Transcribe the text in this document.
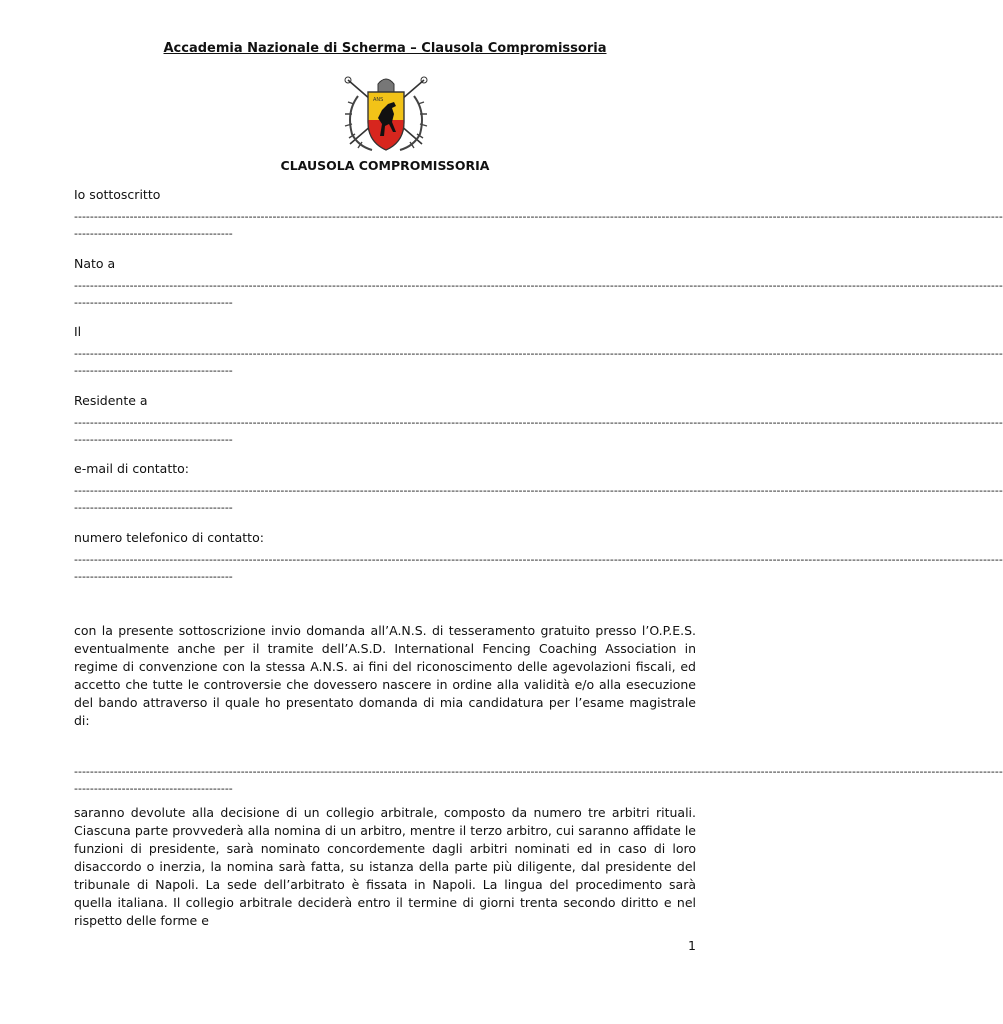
Accademia Nazionale di Scherma – Clausola Compromissoria
ANS
CLAUSOLA COMPROMISSORIA
Io sottoscritto
------------------------------------------------------------------------------------------------------------------------------------------------------------------------------------------------------------------------------------------
----------------------------------------
Nato a
------------------------------------------------------------------------------------------------------------------------------------------------------------------------------------------------------------------------------------------
----------------------------------------
Il
------------------------------------------------------------------------------------------------------------------------------------------------------------------------------------------------------------------------------------------
----------------------------------------
Residente a
------------------------------------------------------------------------------------------------------------------------------------------------------------------------------------------------------------------------------------------
----------------------------------------
e-mail di contatto:
------------------------------------------------------------------------------------------------------------------------------------------------------------------------------------------------------------------------------------------
----------------------------------------
numero telefonico di contatto:
------------------------------------------------------------------------------------------------------------------------------------------------------------------------------------------------------------------------------------------
----------------------------------------
con la presente sottoscrizione invio domanda all’A.N.S. di tesseramento gratuito presso l’O.P.E.S. eventualmente anche per il tramite dell’A.S.D. International Fencing Coaching Association in regime di convenzione con la stessa A.N.S. ai fini del riconoscimento delle agevolazioni fiscali, ed accetto che tutte le controversie che dovessero nascere in ordine alla validità e/o alla esecuzione del bando attraverso il quale ho presentato domanda di mia candidatura per l’esame magistrale di:
------------------------------------------------------------------------------------------------------------------------------------------------------------------------------------------------------------------------------------------
----------------------------------------
saranno devolute alla decisione di un collegio arbitrale, composto da numero tre arbitri rituali. Ciascuna parte provvederà alla nomina di un arbitro, mentre il terzo arbitro, cui saranno affidate le funzioni di presidente, sarà nominato concordemente dagli arbitri nominati ed in caso di loro disaccordo o inerzia, la nomina sarà fatta, su istanza della parte più diligente, dal presidente del tribunale di Napoli. La sede dell’arbitrato è fissata in Napoli. La lingua del procedimento sarà quella italiana. Il collegio arbitrale deciderà entro il termine di giorni trenta secondo diritto e nel rispetto delle forme e
1
